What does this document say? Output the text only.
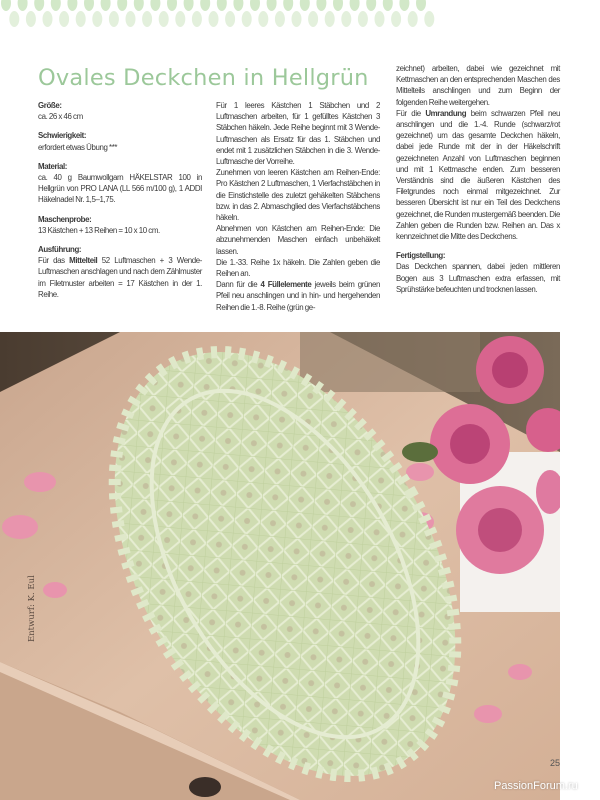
Ovales Deckchen in Hellgrün

Größe:

ca. 26 x 46 cm

Schwierigkeit:

erfordert etwas Übung ***

Material:

ca. 40 g Baumwollgarn HÄKELSTAR 100 in Hellgrün von PRO LANA (LL 566 m/100 g), 1 ADDI Häkelnadel Nr. 1,5–1,75.

Maschenprobe:

13 Kästchen + 13 Reihen = 10 x 10 cm.

Ausführung:

Für das Mittelteil 52 Luftmaschen + 3 Wende-Luftmaschen anschlagen und nach dem Zählmuster im Filetmuster arbeiten = 17 Kästchen in der 1. Reihe.

Für 1 leeres Kästchen 1 Stäbchen und 2 Luftmaschen arbeiten, für 1 gefülltes Kästchen 3 Stäbchen häkeln. Jede Reihe beginnt mit 3 Wende-Luftmaschen als Ersatz für das 1. Stäbchen und endet mit 1 zusätzlichen Stäbchen in die 3. Wende-Luftmasche der Vorreihe.

Zunehmen von leeren Kästchen am Reihen-Ende: Pro Kästchen 2 Luftmaschen, 1 Vierfachstäbchen in die Einstichstelle des zuletzt gehäkelten Stäbchens bzw. in das 2. Abmaschglied des Vierfachstäbchens häkeln.

Abnehmen von Kästchen am Reihen-Ende: Die abzunehmenden Maschen einfach unbehäkelt lassen.

Die 1.-33. Reihe 1x häkeln. Die Zahlen geben die Reihen an.

Dann für die 4 Füllelemente jeweils beim grünen Pfeil neu anschlingen und in hin- und hergehenden Reihen die 1.-8. Reihe (grün ge-

zeichnet) arbeiten, dabei wie gezeichnet mit Kettmaschen an den entsprechenden Maschen des Mittelteils anschlingen und zum Beginn der folgenden Reihe weitergehen.

Für die Umrandung beim schwarzen Pfeil neu anschlingen und die 1.-4. Runde (schwarz/rot gezeichnet) um das gesamte Deckchen häkeln, dabei jede Runde mit der in der Häkelschrift gezeichneten Anzahl von Luftmaschen beginnen und mit 1 Kettmasche enden. Zum besseren Verständnis sind die äußeren Kästchen des Filetgrundes noch einmal mitgezeichnet. Zur besseren Übersicht ist nur ein Teil des Deckchens gezeichnet, die Runden mustergemäß beenden. Die Zahlen geben die Runden bzw. Reihen an. Das x kennzeichnet die Mitte des Deckchens.

Fertigstellung:

Das Deckchen spannen, dabei jeden mittleren Bogen aus 3 Luftmaschen extra erfassen, mit Sprühstärke befeuchten und trocknen lassen.

Entwurf: K. Eul
25
PassionForum.ru
